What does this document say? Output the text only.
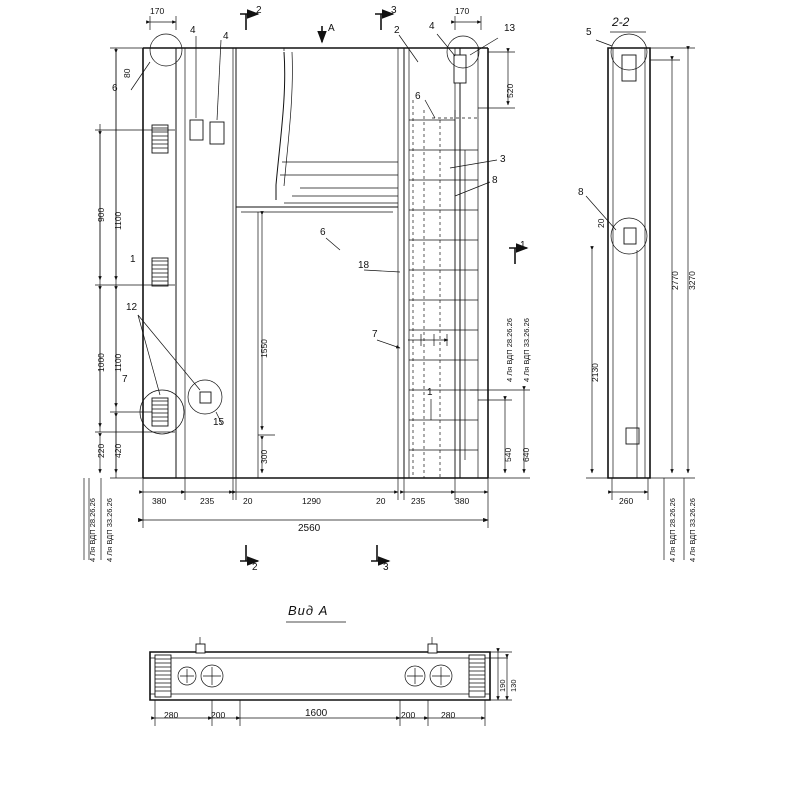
170	170
2	3
2	3
А
1
1
4
4
6
80
2	4	13
6
3
8
6
18
12
7
15
7
1
900 1100
1000 1100
220 420
1550
300
520
540 640
380	235	20	1290	20	235	380
2560
4 Ля ВДП 28.26.26 4 Ля ВДП 33.26.26
4 Ля ВДП 28.26.26 4 Ля ВДП 33.26.26
2-2
5
8
20
2130
2770 3270
260	4 Ля ВДП 28.26.26 4 Ля ВДП 33.26.26
Вид А
280	200	1600	200	280
190 130
